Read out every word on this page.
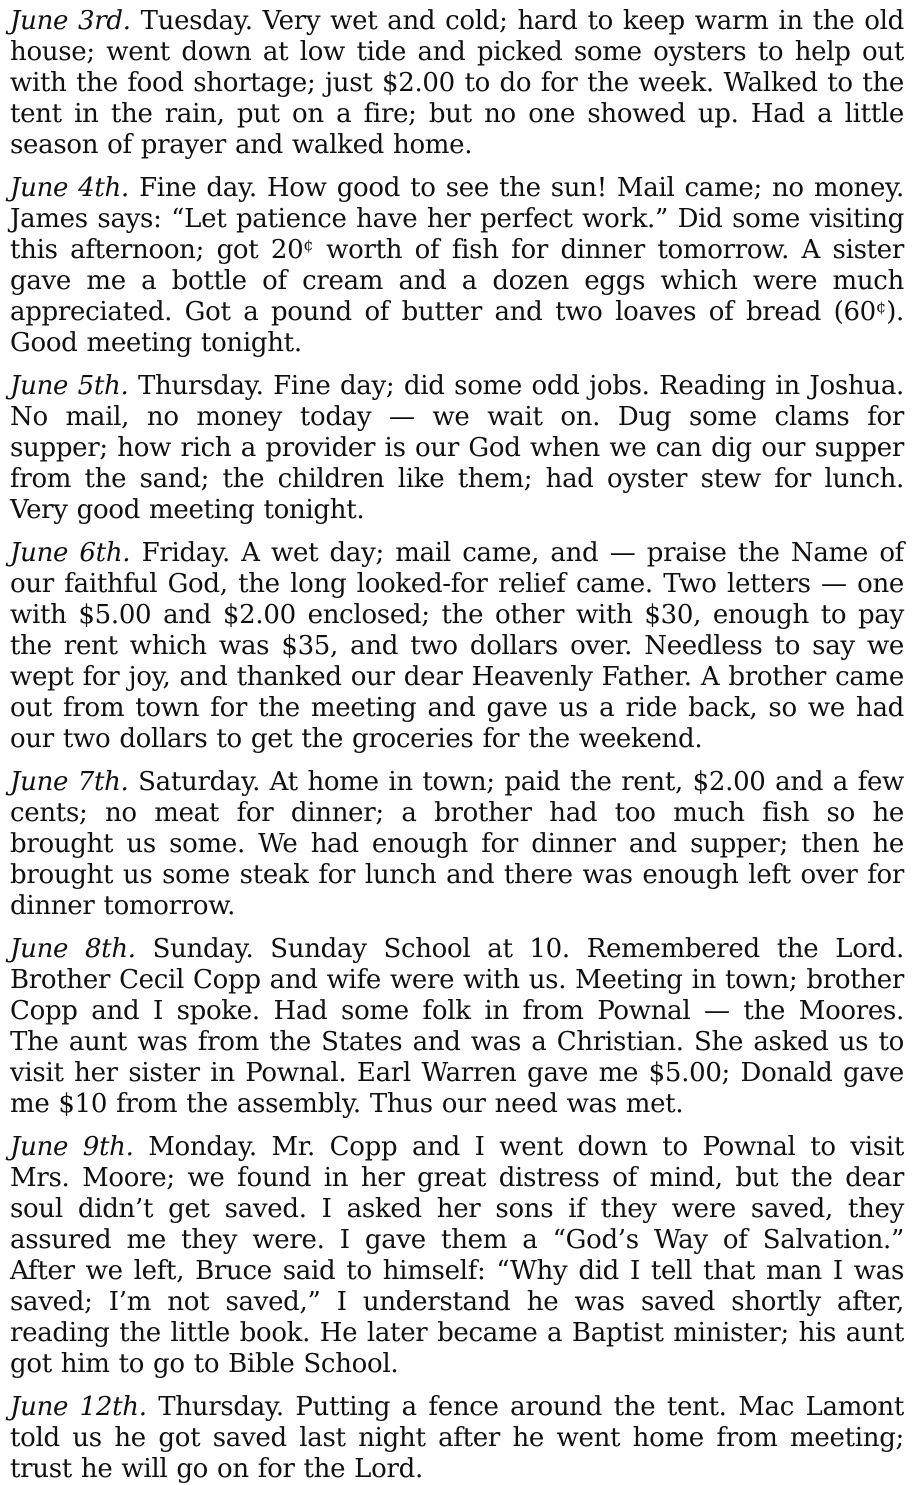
June 3rd. Tuesday. Very wet and cold; hard to keep warm in the old house; went down at low tide and picked some oysters to help out with the food shortage; just $2.00 to do for the week. Walked to the tent in the rain, put on a fire; but no one showed up. Had a little season of prayer and walked home.

June 4th. Fine day. How good to see the sun! Mail came; no money. James says: “Let patience have her perfect work.” Did some visiting this afternoon; got 20¢ worth of fish for dinner tomorrow. A sister gave me a bottle of cream and a dozen eggs which were much appreciated. Got a pound of butter and two loaves of bread (60¢). Good meeting tonight.

June 5th. Thursday. Fine day; did some odd jobs. Reading in Joshua. No mail, no money today — we wait on. Dug some clams for supper; how rich a provider is our God when we can dig our supper from the sand; the children like them; had oyster stew for lunch. Very good meeting tonight.

June 6th. Friday. A wet day; mail came, and — praise the Name of our faithful God, the long looked-for relief came. Two letters — one with $5.00 and $2.00 enclosed; the other with $30, enough to pay the rent which was $35, and two dollars over. Needless to say we wept for joy, and thanked our dear Heavenly Father. A brother came out from town for the meeting and gave us a ride back, so we had our two dollars to get the groceries for the weekend.

June 7th. Saturday. At home in town; paid the rent, $2.00 and a few cents; no meat for dinner; a brother had too much fish so he brought us some. We had enough for dinner and supper; then he brought us some steak for lunch and there was enough left over for dinner tomorrow.

June 8th. Sunday. Sunday School at 10. Remembered the Lord. Brother Cecil Copp and wife were with us. Meeting in town; brother Copp and I spoke. Had some folk in from Pownal — the Moores. The aunt was from the States and was a Christian. She asked us to visit her sister in Pownal. Earl Warren gave me $5.00; Donald gave me $10 from the assembly. Thus our need was met.

June 9th. Monday. Mr. Copp and I went down to Pownal to visit Mrs. Moore; we found in her great distress of mind, but the dear soul didn’t get saved. I asked her sons if they were saved, they assured me they were. I gave them a “God’s Way of Salvation.” After we left, Bruce said to himself: “Why did I tell that man I was saved; I’m not saved,” I understand he was saved shortly after, reading the little book. He later became a Baptist minister; his aunt got him to go to Bible School.

June 12th. Thursday. Putting a fence around the tent. Mac Lamont told us he got saved last night after he went home from meeting; trust he will go on for the Lord.
